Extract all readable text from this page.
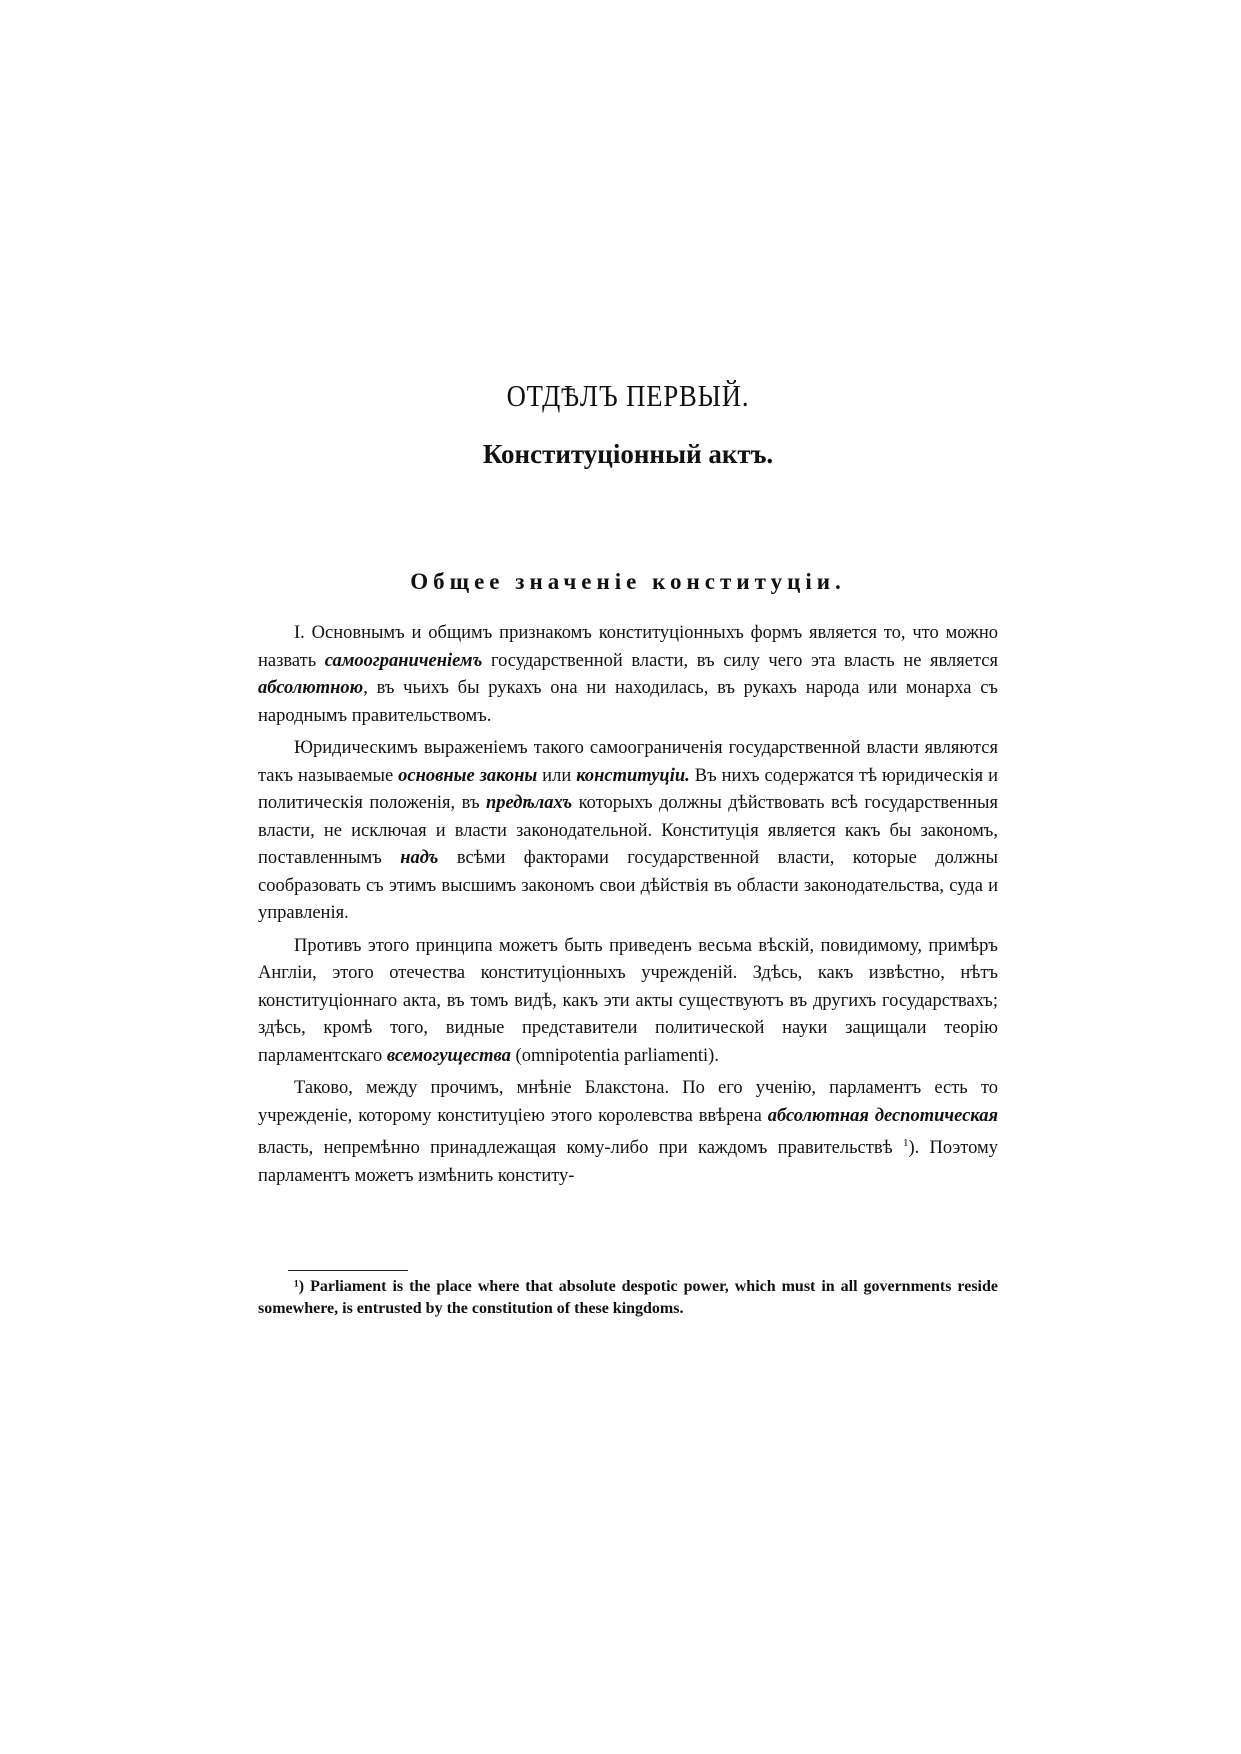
ОТДѢЛЪ ПЕРВЫЙ.
Конституціонный актъ.
Общее значеніе конституціи.

I. Основнымъ и общимъ признакомъ конституціонныхъ формъ является то, что можно назвать самоограниченіемъ государственной власти, въ силу чего эта власть не является абсолютною, въ чьихъ бы рукахъ она ни находилась, въ рукахъ народа или монарха съ народнымъ правительствомъ.

Юридическимъ выраженіемъ такого самоограниченія государственной власти являются такъ называемые основные законы или конституціи. Въ нихъ содержатся тѣ юридическія и политическія положенія, въ предѣлахъ которыхъ должны дѣйствовать всѣ государственныя власти, не исключая и власти законодательной. Конституція является какъ бы закономъ, поставленнымъ надъ всѣми факторами государственной власти, которые должны сообразовать съ этимъ высшимъ закономъ свои дѣйствія въ области законодательства, суда и управленія.

Противъ этого принципа можетъ быть приведенъ весьма вѣскій, повидимому, примѣръ Англіи, этого отечества конституціонныхъ учрежденій. Здѣсь, какъ извѣстно, нѣтъ конституціоннаго акта, въ томъ видѣ, какъ эти акты существуютъ въ другихъ государствахъ; здѣсь, кромѣ того, видные представители политической науки защищали теорію парламентскаго всемогущества (omnipotentia parliamenti).

Таково, между прочимъ, мнѣніе Блакстона. По его ученію, парламентъ есть то учрежденіе, которому конституціею этого королевства ввѣрена абсолютная деспотическая власть, непремѣнно принадлежащая кому-либо при каждомъ правительствѣ $^1$). Поэтому парламентъ можетъ измѣнить конститу-

¹) Parliament is the place where that absolute despotic power, which must in all governments reside somewhere, is entrusted by the constitution of these kingdoms.
